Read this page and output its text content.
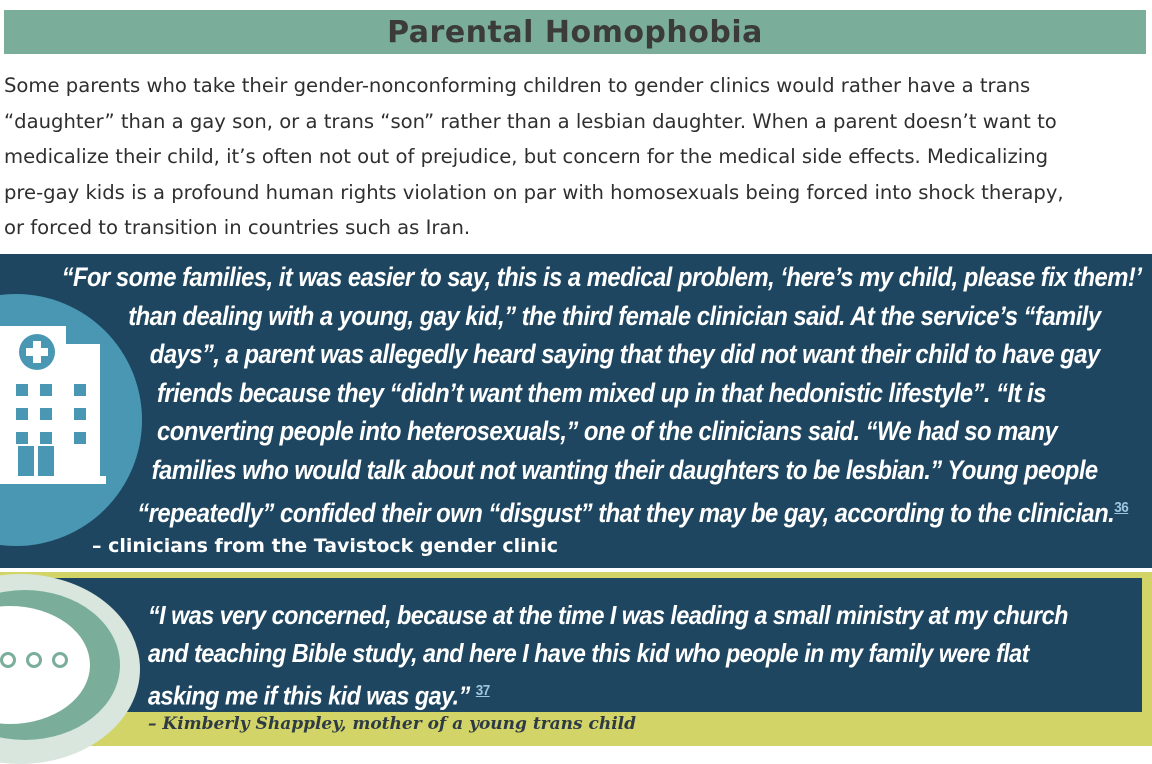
Parental Homophobia

Some parents who take their gender-nonconforming children to gender clinics would rather have a trans
“daughter” than a gay son, or a trans “son” rather than a lesbian daughter. When a parent doesn’t want to
medicalize their child, it’s often not out of prejudice, but concern for the medical side effects. Medicalizing
pre-gay kids is a profound human rights violation on par with homosexuals being forced into shock therapy,
or forced to transition in countries such as Iran.

“For some families, it was easier to say, this is a medical problem, ‘here’s my child, please fix them!’
than dealing with a young, gay kid,” the third female clinician said. At the service’s “family
days”, a parent was allegedly heard saying that they did not want their child to have gay
friends because they “didn’t want them mixed up in that hedonistic lifestyle”. “It is
converting people into heterosexuals,” one of the clinicians said. “We had so many
families who would talk about not wanting their daughters to be lesbian.” Young people
“repeatedly” confided their own “disgust” that they may be gay, according to the clinician.$^{36}$

– clinicians from the Tavistock gender clinic

“I was very concerned, because at the time I was leading a small ministry at my church
and teaching Bible study, and here I have this kid who people in my family were flat
asking me if this kid was gay.” $^{37}$

– Kimberly Shappley, mother of a young trans child
